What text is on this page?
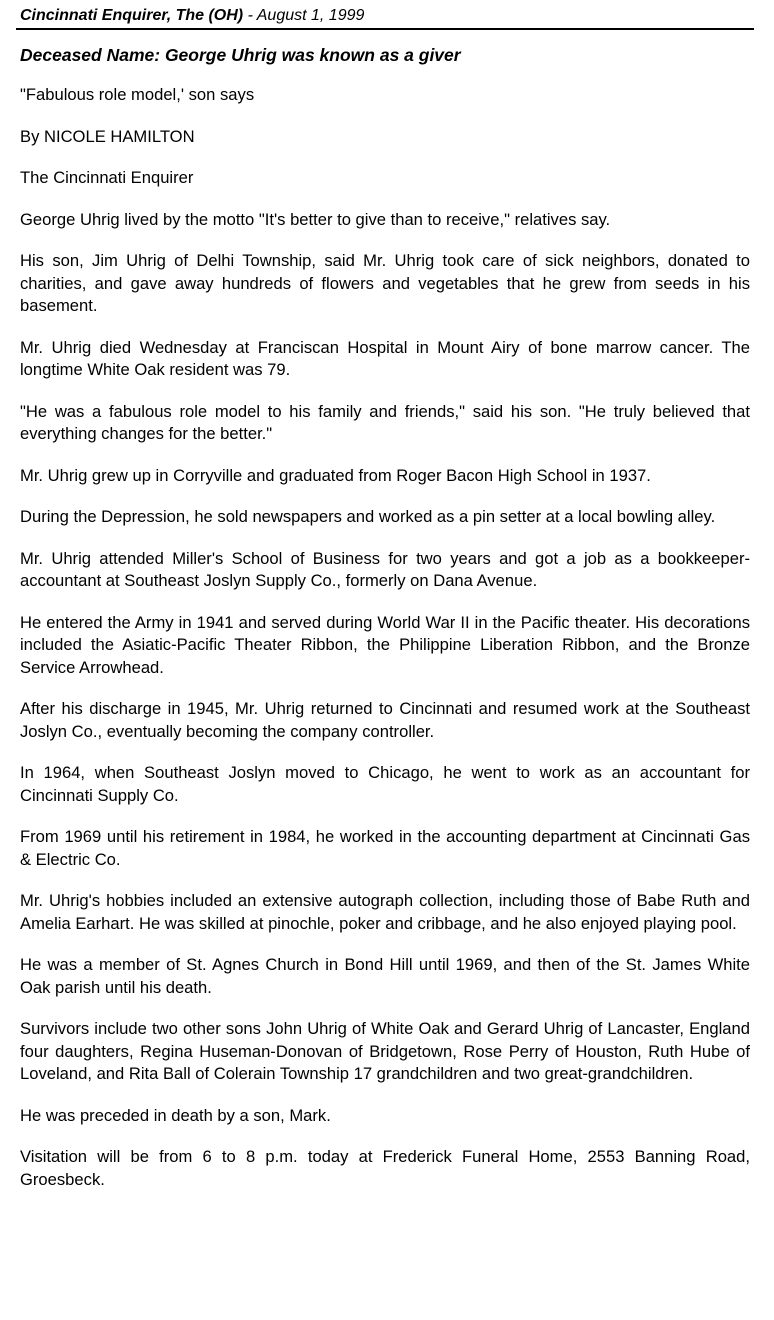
Cincinnati Enquirer, The (OH) - August 1, 1999
Deceased Name: George Uhrig was known as a giver

"Fabulous role model,' son says

By NICOLE HAMILTON

The Cincinnati Enquirer

George Uhrig lived by the motto "It's better to give than to receive," relatives say.

His son, Jim Uhrig of Delhi Township, said Mr. Uhrig took care of sick neighbors, donated to charities, and gave away hundreds of flowers and vegetables that he grew from seeds in his basement.

Mr. Uhrig died Wednesday at Franciscan Hospital in Mount Airy of bone marrow cancer. The longtime White Oak resident was 79.

"He was a fabulous role model to his family and friends," said his son. "He truly believed that everything changes for the better."

Mr. Uhrig grew up in Corryville and graduated from Roger Bacon High School in 1937.

During the Depression, he sold newspapers and worked as a pin setter at a local bowling alley.

Mr. Uhrig attended Miller's School of Business for two years and got a job as a bookkeeper-accountant at Southeast Joslyn Supply Co., formerly on Dana Avenue.

He entered the Army in 1941 and served during World War II in the Pacific theater. His decorations included the Asiatic-Pacific Theater Ribbon, the Philippine Liberation Ribbon, and the Bronze Service Arrowhead.

After his discharge in 1945, Mr. Uhrig returned to Cincinnati and resumed work at the Southeast Joslyn Co., eventually becoming the company controller.

In 1964, when Southeast Joslyn moved to Chicago, he went to work as an accountant for Cincinnati Supply Co.

From 1969 until his retirement in 1984, he worked in the accounting department at Cincinnati Gas & Electric Co.

Mr. Uhrig's hobbies included an extensive autograph collection, including those of Babe Ruth and Amelia Earhart. He was skilled at pinochle, poker and cribbage, and he also enjoyed playing pool.

He was a member of St. Agnes Church in Bond Hill until 1969, and then of the St. James White Oak parish until his death.

Survivors include two other sons John Uhrig of White Oak and Gerard Uhrig of Lancaster, England four daughters, Regina Huseman-Donovan of Bridgetown, Rose Perry of Houston, Ruth Hube of Loveland, and Rita Ball of Colerain Township 17 grandchildren and two great-grandchildren.

He was preceded in death by a son, Mark.

Visitation will be from 6 to 8 p.m. today at Frederick Funeral Home, 2553 Banning Road, Groesbeck.
